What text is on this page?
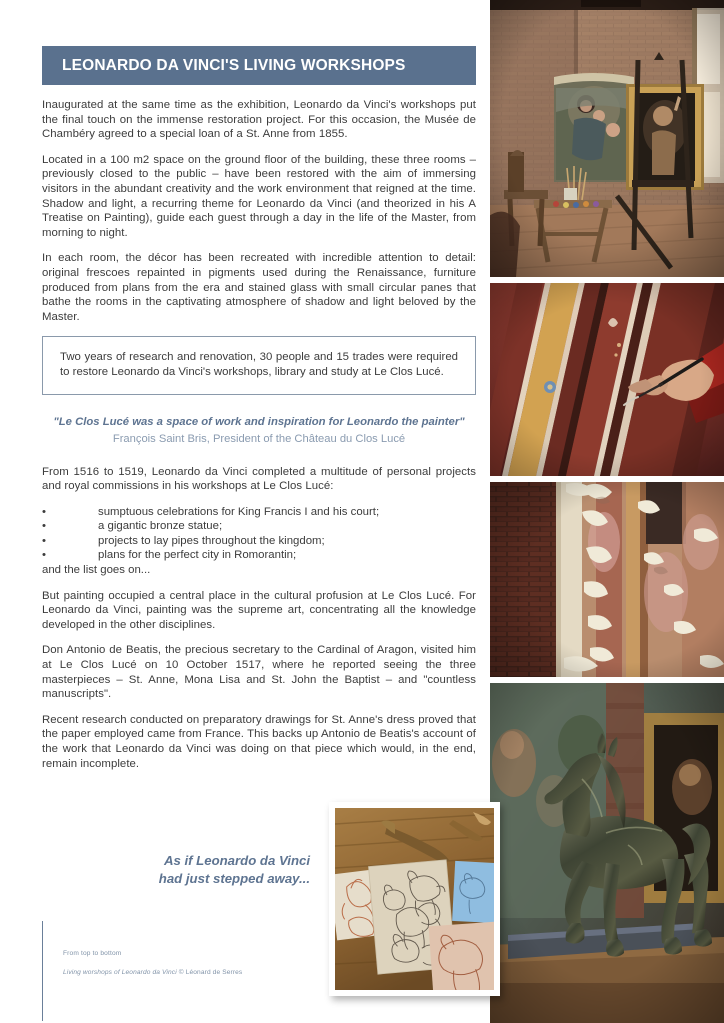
LEONARDO DA VINCI'S LIVING WORKSHOPS

Inaugurated at the same time as the exhibition, Leonardo da Vinci's workshops put the final touch on the immense restoration project. For this occasion, the Musée de Chambéry agreed to a special loan of a St. Anne from 1855.

Located in a 100 m2 space on the ground floor of the building, these three rooms – previously closed to the public – have been restored with the aim of immersing visitors in the abundant creativity and the work environment that reigned at the time. Shadow and light, a recurring theme for Leonardo da Vinci (and theorized in his A Treatise on Painting), guide each guest through a day in the life of the Master, from morning to night.

In each room, the décor has been recreated with incredible attention to detail: original frescoes repainted in pigments used during the Renaissance, furniture produced from plans from the era and stained glass with small circular panes that bathe the rooms in the captivating atmosphere of shadow and light beloved by the Master.

Two years of research and renovation, 30 people and 15 trades were required to restore Leonardo da Vinci's workshops, library and study at Le Clos Lucé.

"Le Clos Lucé was a space of work and inspiration for Leonardo the painter"
François Saint Bris, President of the Château du Clos Lucé

From 1516 to 1519, Leonardo da Vinci completed a multitude of personal projects and royal commissions in his workshops at Le Clos Lucé:

•	sumptuous celebrations for King Francis I and his court;
•	a gigantic bronze statue;
•	projects to lay pipes throughout the kingdom;
•	plans for the perfect city in Romorantin;

and the list goes on...

But painting occupied a central place in the cultural profusion at Le Clos Lucé. For Leonardo da Vinci, painting was the supreme art, concentrating all the knowledge developed in the other disciplines.

Don Antonio de Beatis, the precious secretary to the Cardinal of Aragon, visited him at Le Clos Lucé on 10 October 1517, where he reported seeing the three masterpieces – St. Anne, Mona Lisa and St. John the Baptist – and "countless manuscripts".

Recent research conducted on preparatory drawings for St. Anne's dress proved that the paper employed came from France. This backs up Antonio de Beatis's account of the work that Leonardo da Vinci was doing on that piece which would, in the end, remain incomplete.

As if Leonardo da Vinci
had just stepped away...
From top to bottom
Living worshops of Leonardo da Vinci © Léonard de Serres
